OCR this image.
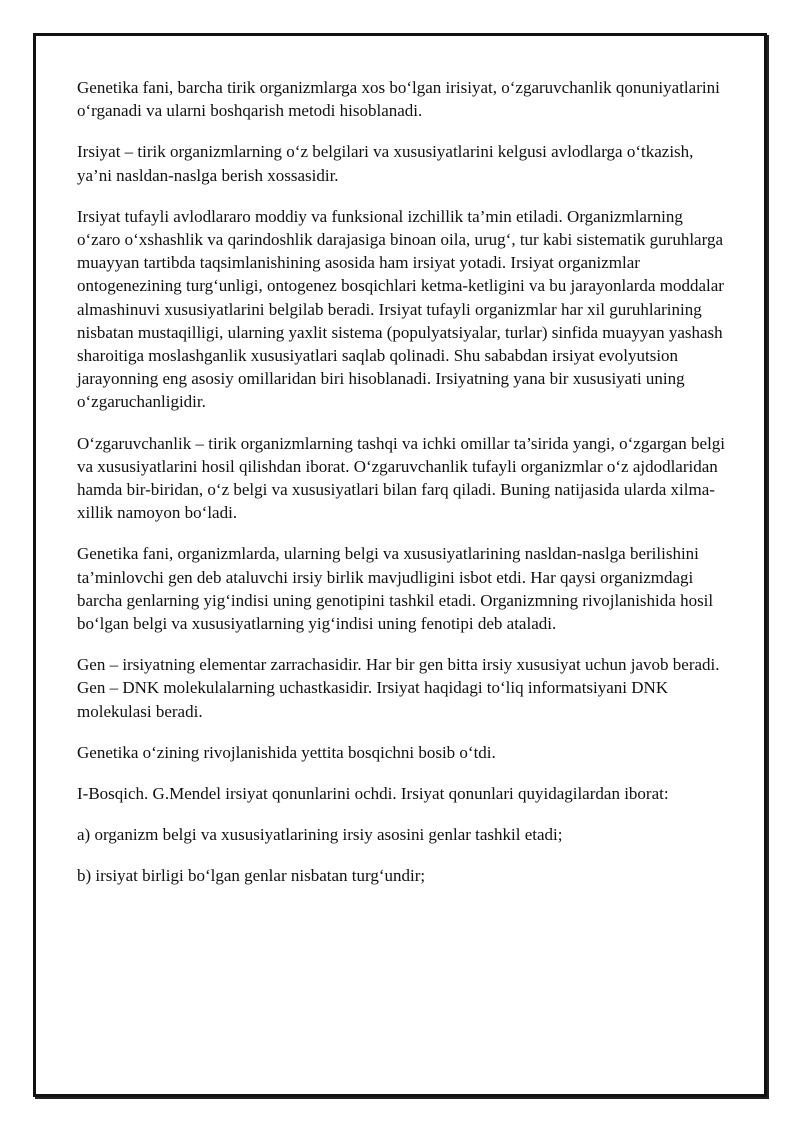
Genetika fani, barcha tirik organizmlarga xos bo‘lgan irisiyat, o‘zgaruvchanlik qonuniyatlarini o‘rganadi va ularni boshqarish metodi hisoblanadi.

Irsiyat – tirik organizmlarning o‘z belgilari va xususiyatlarini kelgusi avlodlarga o‘tkazish, ya’ni nasldan-naslga berish xossasidir.

Irsiyat tufayli avlodlararo moddiy va funksional izchillik ta’min etiladi. Organizmlarning o‘zaro o‘xshashlik va qarindoshlik darajasiga binoan oila, urug‘, tur kabi sistematik guruhlarga muayyan tartibda taqsimlanishining asosida ham irsiyat yotadi. Irsiyat organizmlar ontogenezining turg‘unligi, ontogenez bosqichlari ketma-ketligini va bu jarayonlarda moddalar almashinuvi xususiyatlarini belgilab beradi. Irsiyat tufayli organizmlar har xil guruhlarining nisbatan mustaqilligi, ularning yaxlit sistema (populyatsiyalar, turlar) sinfida muayyan yashash sharoitiga moslashganlik xususiyatlari saqlab qolinadi. Shu sababdan irsiyat evolyutsion jarayonning eng asosiy omillaridan biri hisoblanadi. Irsiyatning yana bir xususiyati uning o‘zgaruchanligidir.

O‘zgaruvchanlik – tirik organizmlarning tashqi va ichki omillar ta’sirida yangi, o‘zgargan belgi va xususiyatlarini hosil qilishdan iborat. O‘zgaruvchanlik tufayli organizmlar o‘z ajdodlaridan hamda bir-biridan, o‘z belgi va xususiyatlari bilan farq qiladi. Buning natijasida ularda xilma-xillik namoyon bo‘ladi.

Genetika fani, organizmlarda, ularning belgi va xususiyatlarining nasldan-naslga berilishini ta’minlovchi gen deb ataluvchi irsiy birlik mavjudligini isbot etdi. Har qaysi organizmdagi barcha genlarning yig‘indisi uning genotipini tashkil etadi. Organizmning rivojlanishida hosil bo‘lgan belgi va xususiyatlarning yig‘indisi uning fenotipi deb ataladi.

Gen – irsiyatning elementar zarrachasidir. Har bir gen bitta irsiy xususiyat uchun javob beradi. Gen – DNK molekulalarning uchastkasidir. Irsiyat haqidagi to‘liq informatsiyani DNK molekulasi beradi.

Genetika o‘zining rivojlanishida yettita bosqichni bosib o‘tdi.

I-Bosqich. G.Mendel irsiyat qonunlarini ochdi. Irsiyat qonunlari quyidagilardan iborat:

a) organizm belgi va xususiyatlarining irsiy asosini genlar tashkil etadi;

b) irsiyat birligi bo‘lgan genlar nisbatan turg‘undir;
